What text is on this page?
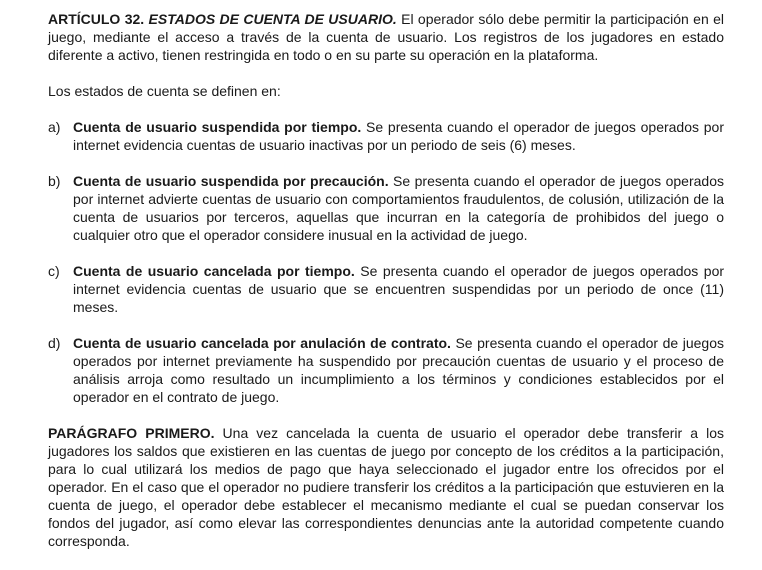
ARTÍCULO 32. ESTADOS DE CUENTA DE USUARIO. El operador sólo debe permitir la participación en el juego, mediante el acceso a través de la cuenta de usuario. Los registros de los jugadores en estado diferente a activo, tienen restringida en todo o en su parte su operación en la plataforma.

Los estados de cuenta se definen en:

a) Cuenta de usuario suspendida por tiempo. Se presenta cuando el operador de juegos operados por internet evidencia cuentas de usuario inactivas por un periodo de seis (6) meses.
b) Cuenta de usuario suspendida por precaución. Se presenta cuando el operador de juegos operados por internet advierte cuentas de usuario con comportamientos fraudulentos, de colusión, utilización de la cuenta de usuarios por terceros, aquellas que incurran en la categoría de prohibidos del juego o cualquier otro que el operador considere inusual en la actividad de juego.
c) Cuenta de usuario cancelada por tiempo. Se presenta cuando el operador de juegos operados por internet evidencia cuentas de usuario que se encuentren suspendidas por un periodo de once (11) meses.
d) Cuenta de usuario cancelada por anulación de contrato. Se presenta cuando el operador de juegos operados por internet previamente ha suspendido por precaución cuentas de usuario y el proceso de análisis arroja como resultado un incumplimiento a los términos y condiciones establecidos por el operador en el contrato de juego.

PARÁGRAFO PRIMERO. Una vez cancelada la cuenta de usuario el operador debe transferir a los jugadores los saldos que existieren en las cuentas de juego por concepto de los créditos a la participación, para lo cual utilizará los medios de pago que haya seleccionado el jugador entre los ofrecidos por el operador. En el caso que el operador no pudiere transferir los créditos a la participación que estuvieren en la cuenta de juego, el operador debe establecer el mecanismo mediante el cual se puedan conservar los fondos del jugador, así como elevar las correspondientes denuncias ante la autoridad competente cuando corresponda.
